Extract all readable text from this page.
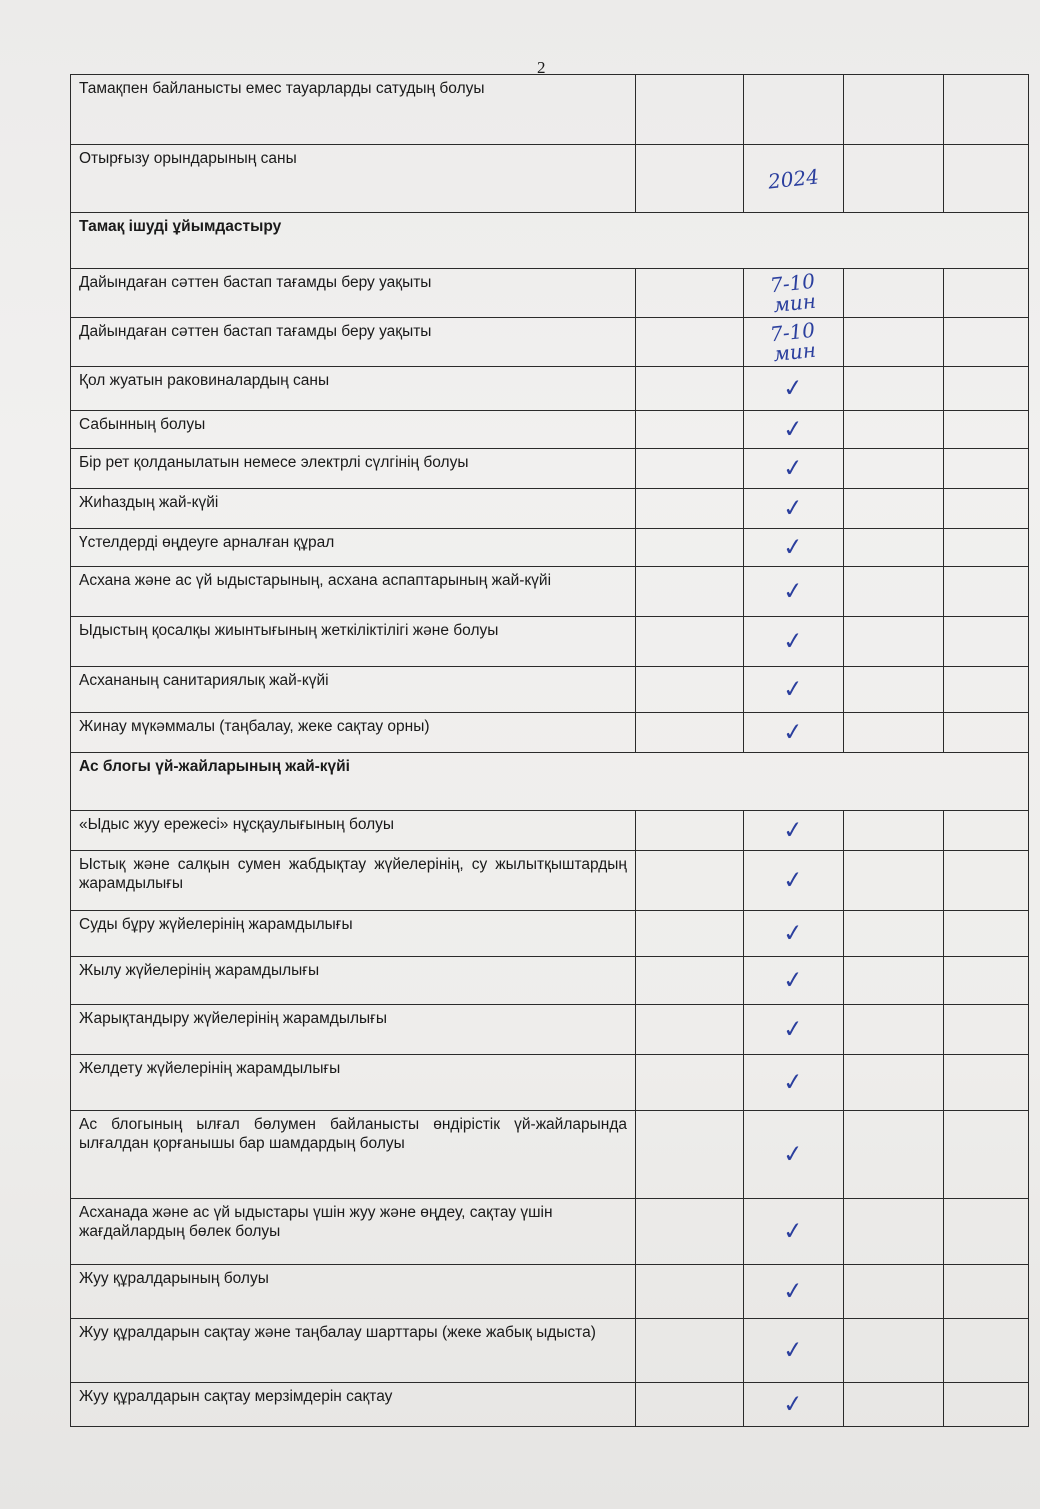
2
Тамақпен байланысты емес тауарларды сатудың болуы				
Отырғызу орындарының саны		2024		
Тамақ ішуді ұйымдастыру				
Дайындаған сәттен бастап тағамды беру уақыты		7-10 мин		
Дайындаған сәттен бастап тағамды беру уақыты		7-10 мин		
Қол жуатын раковиналардың саны		✓		
Сабынның болуы		✓		
Бір рет қолданылатын немесе электрлі сүлгінің болуы		✓		
Жиһаздың жай-күйі		✓		
Үстелдерді өңдеуге арналған құрал		✓		
Асхана және ас үй ыдыстарының, асхана аспаптарының жай-күйі		✓		
Ыдыстың қосалқы жиынтығының жеткіліктілігі және болуы		✓		
Асхананың санитариялық жай-күйі		✓		
Жинау мүкәммалы (таңбалау, жеке сақтау орны)		✓		
Ас блогы үй-жайларының жай-күйі				
«Ыдыс жуу ережесі» нұсқаулығының болуы		✓		
Ыстық және салқын сумен жабдықтау жүйелерінің, су жылытқыштардың жарамдылығы		✓		
Суды бұру жүйелерінің жарамдылығы		✓		
Жылу жүйелерінің жарамдылығы		✓		
Жарықтандыру жүйелерінің жарамдылығы		✓		
Желдету жүйелерінің жарамдылығы		✓		
Ас блогының ылғал бөлумен байланысты өндірістік үй-жайларында ылғалдан қорғанышы бар шамдардың болуы		✓		
Асханада және ас үй ыдыстары үшін жуу және өңдеу, сақтау үшін жағдайлардың бөлек болуы		✓		
Жуу құралдарының болуы		✓		
Жуу құралдарын сақтау және таңбалау шарттары (жеке жабық ыдыста)		✓		
Жуу құралдарын сақтау мерзімдерін сақтау		✓		
